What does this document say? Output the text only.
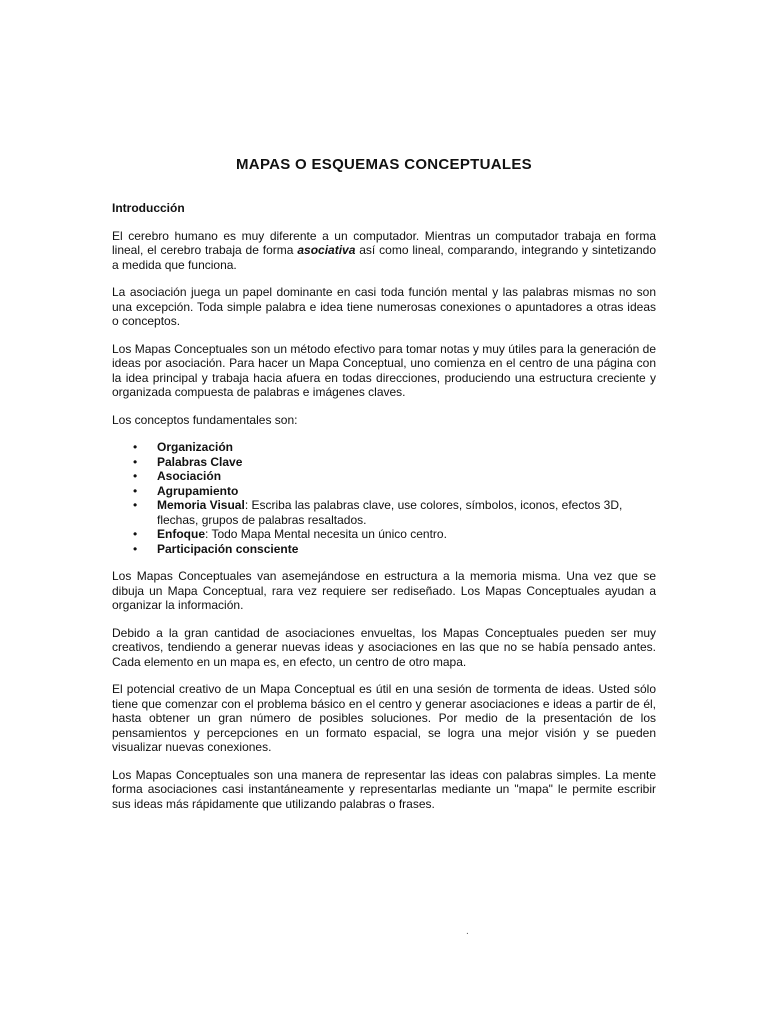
MAPAS O ESQUEMAS CONCEPTUALES
Introducción

El cerebro humano es muy diferente a un computador. Mientras un computador trabaja en forma lineal, el cerebro trabaja de forma asociativa así como lineal, comparando, integrando y sintetizando a medida que funciona.

La asociación juega un papel dominante en casi toda función mental y las palabras mismas no son una excepción. Toda simple palabra e idea tiene numerosas conexiones o apuntadores a otras ideas o conceptos.

Los Mapas Conceptuales son un método efectivo para tomar notas y muy útiles para la generación de ideas por asociación. Para hacer un Mapa Conceptual, uno comienza en el centro de una página con la idea principal y trabaja hacia afuera en todas direcciones, produciendo una estructura creciente y organizada compuesta de palabras e imágenes claves.

Los conceptos fundamentales son:

• Organización
• Palabras Clave
• Asociación
• Agrupamiento
• Memoria Visual: Escriba las palabras clave, use colores, símbolos, iconos, efectos 3D, flechas, grupos de palabras resaltados.
• Enfoque: Todo Mapa Mental necesita un único centro.
• Participación consciente

Los Mapas Conceptuales van asemejándose en estructura a la memoria misma. Una vez que se dibuja un Mapa Conceptual, rara vez requiere ser rediseñado. Los Mapas Conceptuales ayudan a organizar la información.

Debido a la gran cantidad de asociaciones envueltas, los Mapas Conceptuales pueden ser muy creativos, tendiendo a generar nuevas ideas y asociaciones en las que no se había pensado antes. Cada elemento en un mapa es, en efecto, un centro de otro mapa.

El potencial creativo de un Mapa Conceptual es útil en una sesión de tormenta de ideas. Usted sólo tiene que comenzar con el problema básico en el centro y generar asociaciones e ideas a partir de él, hasta obtener un gran número de posibles soluciones. Por medio de la presentación de los pensamientos y percepciones en un formato espacial, se logra una mejor visión y se pueden visualizar nuevas conexiones.

Los Mapas Conceptuales son una manera de representar las ideas con palabras simples. La mente forma asociaciones casi instantáneamente y representarlas mediante un "mapa" le permite escribir sus ideas más rápidamente que utilizando palabras o frases.

.
